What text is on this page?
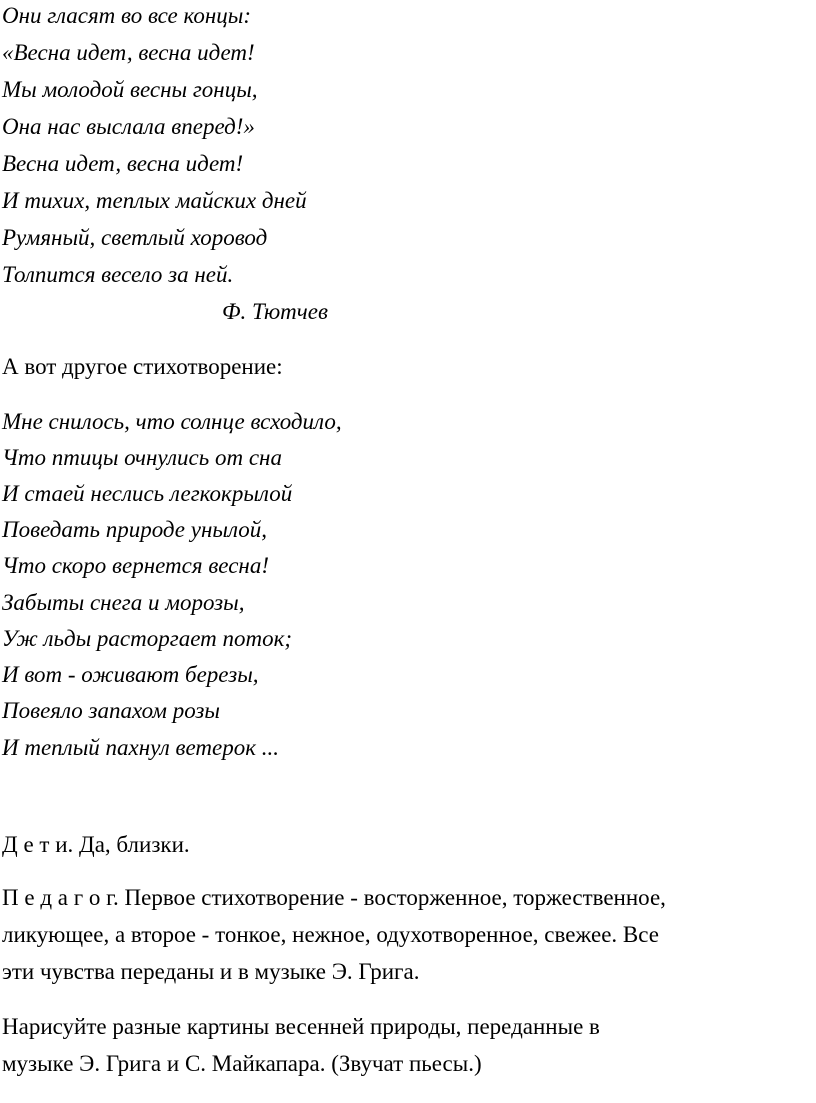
Они гласят во все концы:
«Весна идет, весна идет!
Мы молодой весны гонцы,
Она нас выслала вперед!»
Весна идет, весна идет!
И тихих, теплых майских дней
Румяный, светлый хоровод
Толпится весело за ней.
Ф. Тютчев
А вот другое стихотворение:
Мне снилось, что солнце всходило,
Что птицы очнулись от сна
И стаей неслись легкокрылой
Поведать природе унылой,
Что скоро вернется весна!
Забыты снега и морозы,
Уж льды расторгает поток;
И вот - оживают березы,
Повеяло запахом розы
И теплый пахнул ветерок ...
Д е т и. Да, близки.
П е д а г о г. Первое стихотворение - восторженное, торжественное,
ликующее, а второе - тонкое, нежное, одухотворенное, свежее. Все
эти чувства переданы и в музыке Э. Грига.
Нарисуйте разные картины весенней природы, переданные в
музыке Э. Грига и С. Майкапара. (Звучат пьесы.)
